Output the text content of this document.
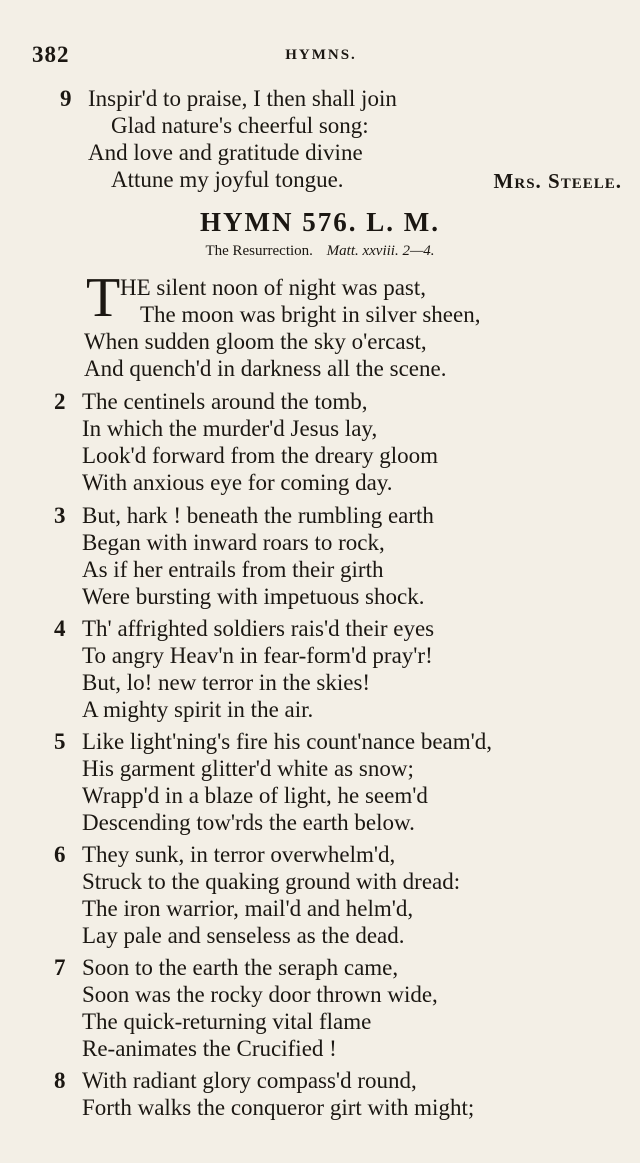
382	HYMNS.
9 Inspir'd to praise, I then shall join
Glad nature's cheerful song:
And love and gratitude divine
Attune my joyful tongue.	Mrs. Steele.
HYMN 576. L. M.
The Resurrection. Matt. xxviii. 2—4.
T HE silent noon of night was past,
The moon was bright in silver sheen,
When sudden gloom the sky o'ercast,
And quench'd in darkness all the scene.
2 The centinels around the tomb,
In which the murder'd Jesus lay,
Look'd forward from the dreary gloom
With anxious eye for coming day.
3 But, hark ! beneath the rumbling earth
Began with inward roars to rock,
As if her entrails from their girth
Were bursting with impetuous shock.
4 Th' affrighted soldiers rais'd their eyes
To angry Heav'n in fear-form'd pray'r!
But, lo! new terror in the skies!
A mighty spirit in the air.
5 Like light'ning's fire his count'nance beam'd,
His garment glitter'd white as snow;
Wrapp'd in a blaze of light, he seem'd
Descending tow'rds the earth below.
6 They sunk, in terror overwhelm'd,
Struck to the quaking ground with dread:
The iron warrior, mail'd and helm'd,
Lay pale and senseless as the dead.
7 Soon to the earth the seraph came,
Soon was the rocky door thrown wide,
The quick-returning vital flame
Re-animates the Crucified !
8 With radiant glory compass'd round,
Forth walks the conqueror girt with might;
